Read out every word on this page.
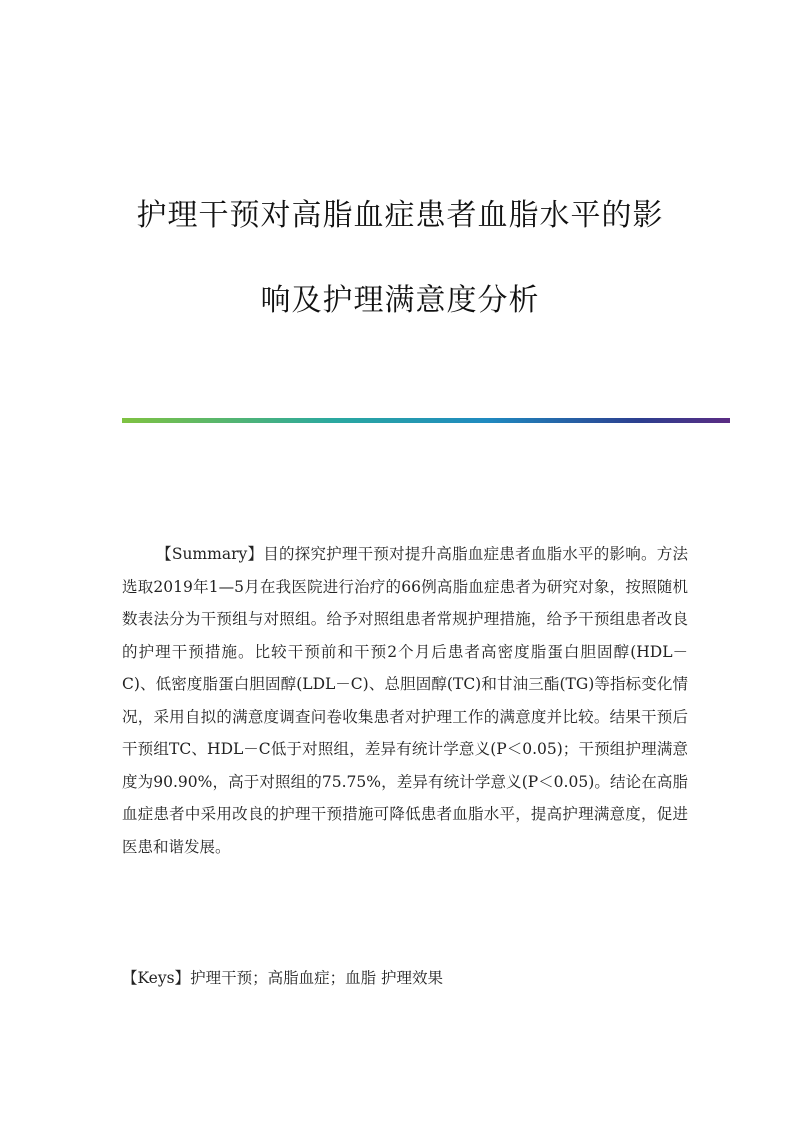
护理干预对高脂血症患者血脂水平的影
响及护理满意度分析

【Summary】目的探究护理干预对提升高脂血症患者血脂水平的影响。方法选取2019年1—5月在我医院进行治疗的66例高脂血症患者为研究对象，按照随机数表法分为干预组与对照组。给予对照组患者常规护理措施，给予干预组患者改良的护理干预措施。比较干预前和干预2个月后患者高密度脂蛋白胆固醇(HDL－C)、低密度脂蛋白胆固醇(LDL－C)、总胆固醇(TC)和甘油三酯(TG)等指标变化情况，采用自拟的满意度调查问卷收集患者对护理工作的满意度并比较。结果干预后干预组TC、HDL－C低于对照组，差异有统计学意义(P＜0.05)；干预组护理满意度为90.90%，高于对照组的75.75%，差异有统计学意义(P＜0.05)。结论在高脂血症患者中采用改良的护理干预措施可降低患者血脂水平，提高护理满意度，促进医患和谐发展。

【Keys】护理干预；高脂血症；血脂 护理效果
